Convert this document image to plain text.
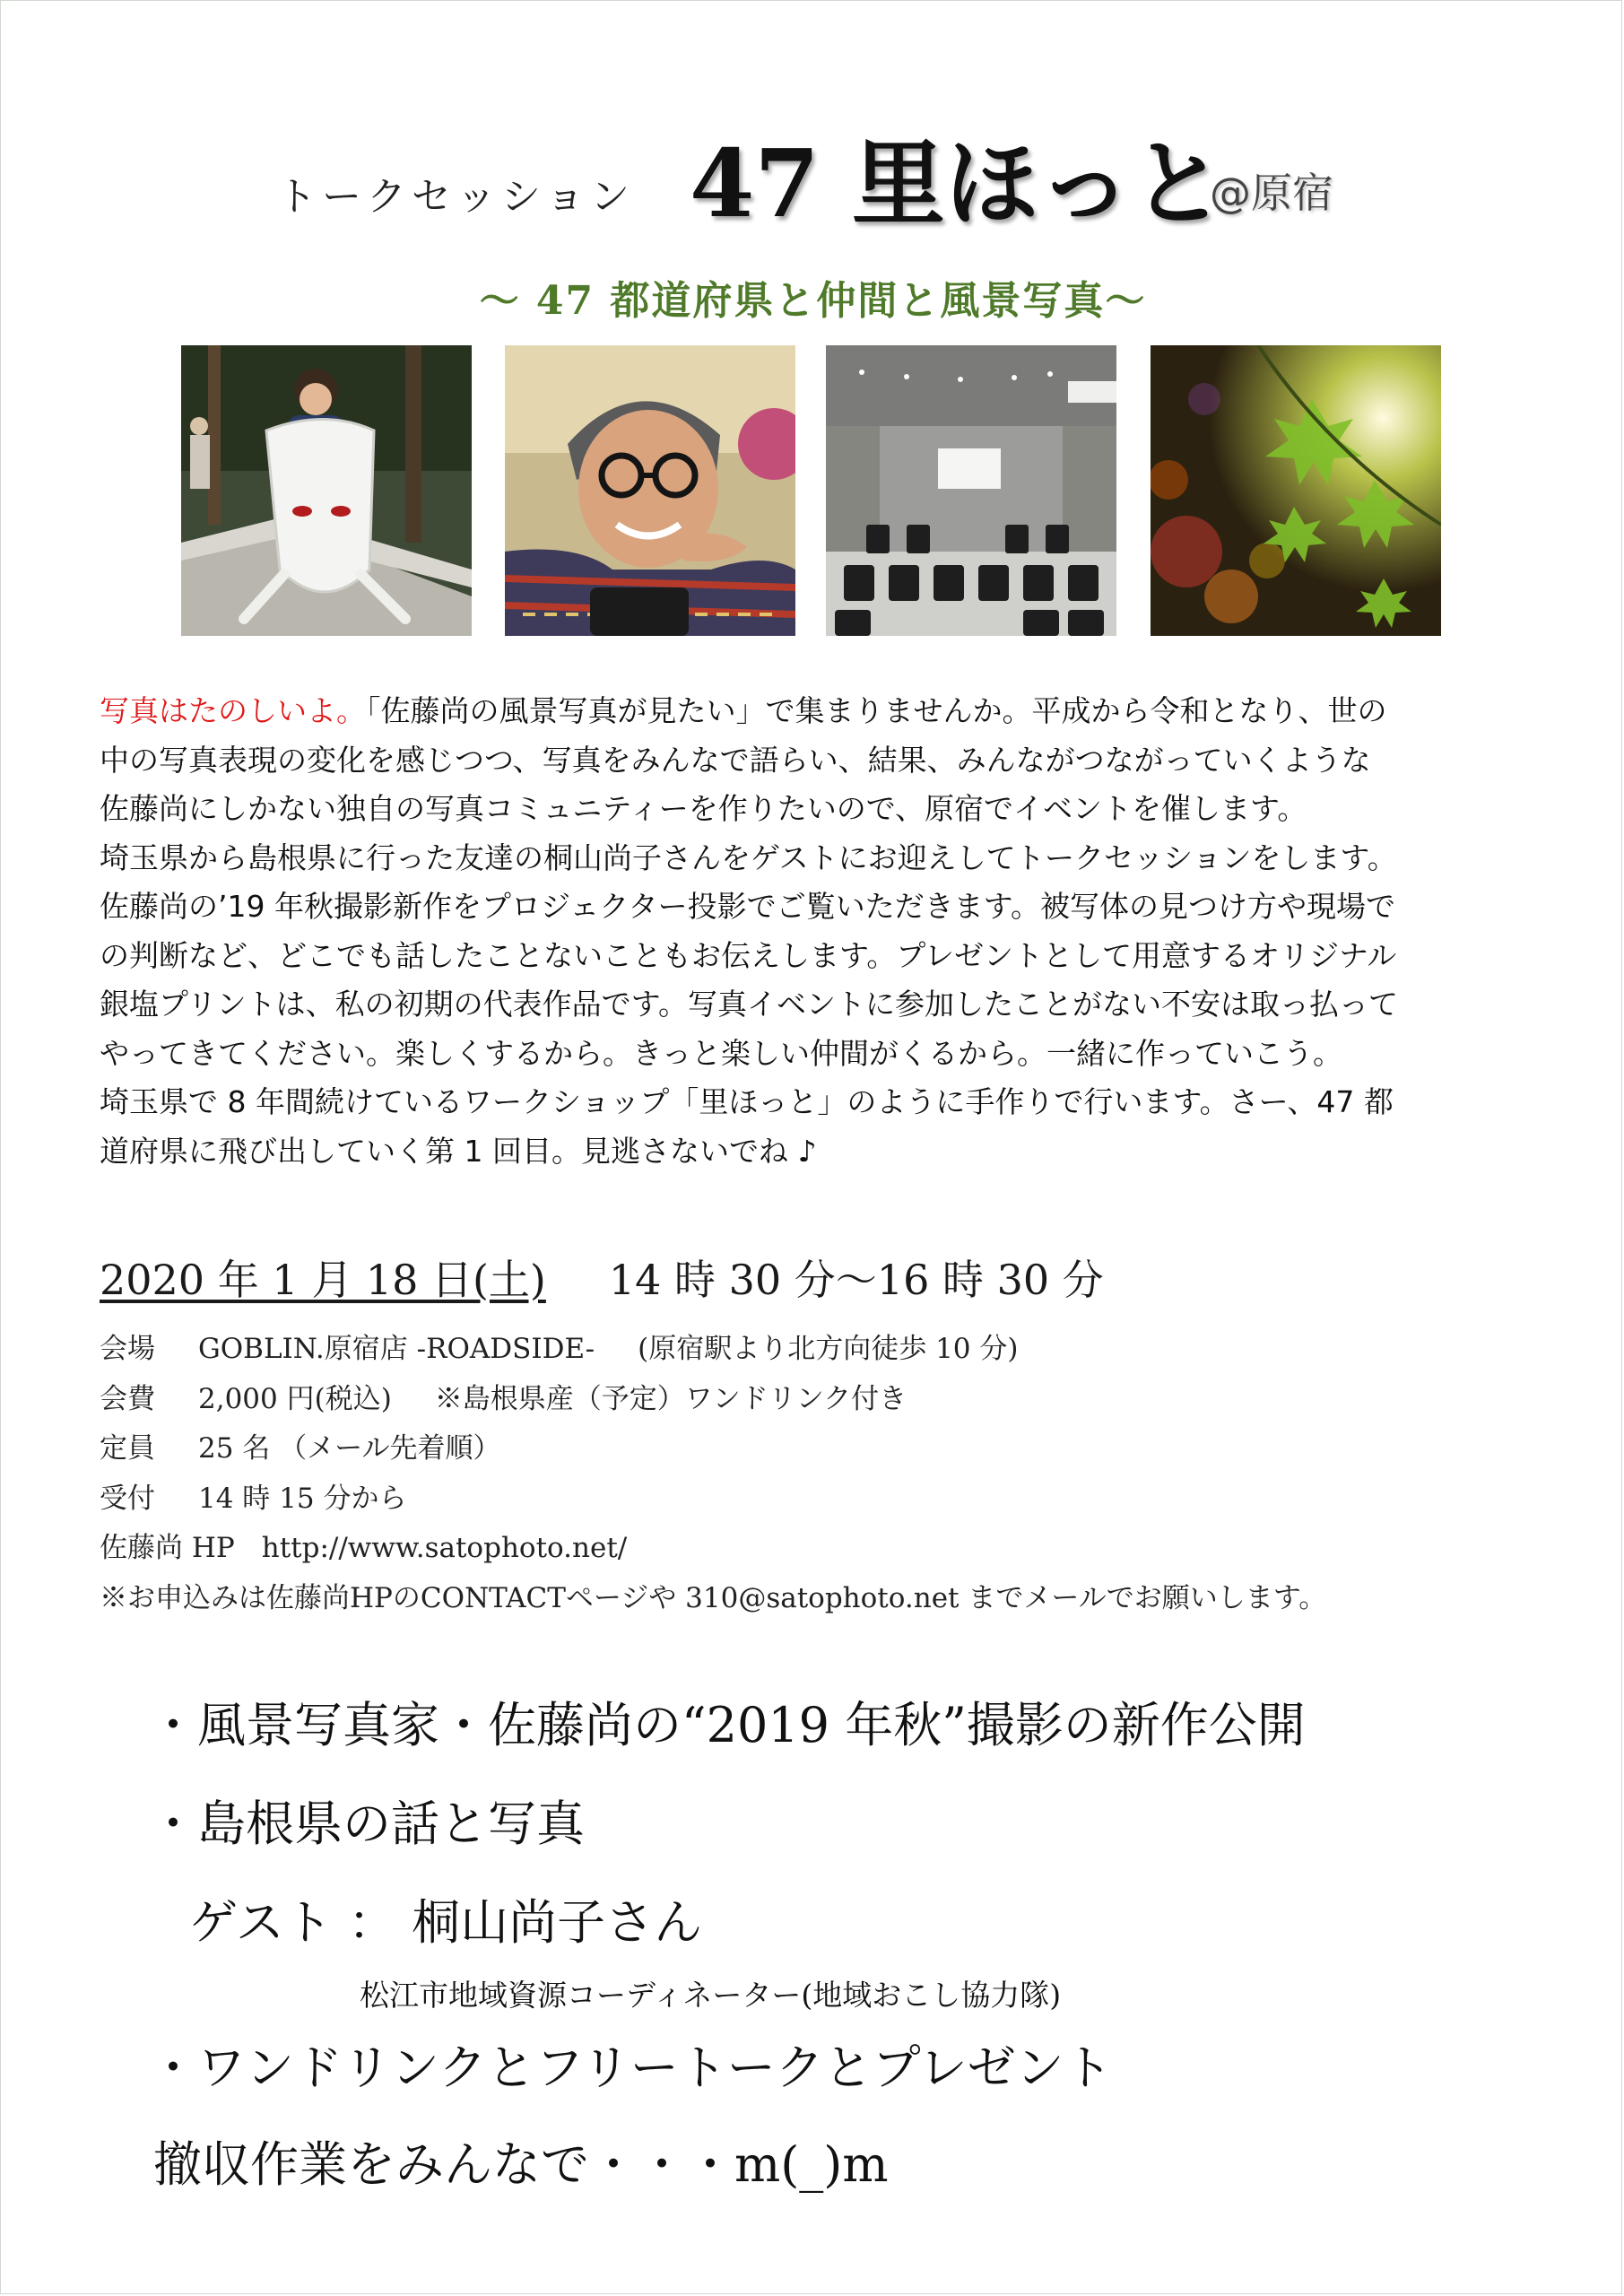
トークセッション 47 里ほっと
@原宿
〜 47 都道府県と仲間と風景写真〜

写真はたのしいよ。「佐藤尚の風景写真が見たい」で集まりませんか。平成から令和となり、世の

中の写真表現の変化を感じつつ、写真をみんなで語らい、結果、みんながつながっていくような

佐藤尚にしかない独自の写真コミュニティーを作りたいので、原宿でイベントを催します。

埼玉県から島根県に行った友達の桐山尚子さんをゲストにお迎えしてトークセッションをします。

佐藤尚の’19 年秋撮影新作をプロジェクター投影でご覧いただきます。被写体の見つけ方や現場で

の判断など、どこでも話したことないこともお伝えします。プレゼントとして用意するオリジナル

銀塩プリントは、私の初期の代表作品です。写真イベントに参加したことがない不安は取っ払って

やってきてください。楽しくするから。きっと楽しい仲間がくるから。一緒に作っていこう。

埼玉県で 8 年間続けているワークショップ「里ほっと」のように手作りで行います。さー、47 都

道府県に飛び出していく第 1 回目。見逃さないでね ♪

2020 年 1 月 18 日(土) 14 時 30 分〜16 時 30 分
会場 GOBLIN.原宿店 -ROADSIDE- (原宿駅より北方向徒歩 10 分)
会費 2,000 円(税込) ※島根県産（予定）ワンドリンク付き
定員 25 名 （メール先着順）
受付 14 時 15 分から
佐藤尚 HP http://www.satophoto.net/
※お申込みは佐藤尚HPのCONTACTページや 310@satophoto.net までメールでお願いします。
・風景写真家・佐藤尚の“2019 年秋”撮影の新作公開
・島根県の話と写真
ゲスト ： 桐山尚子さん
松江市地域資源コーディネーター(地域おこし協力隊)
・ワンドリンクとフリートークとプレゼント
撤収作業をみんなで・・・m(_)m
